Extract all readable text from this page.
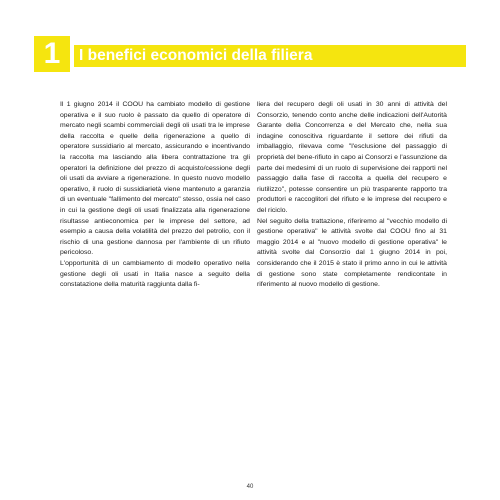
1	I benefici economici della filiera

Il 1 giugno 2014 il COOU ha cambiato modello di gestione operativa e il suo ruolo è passato da quello di operatore di mercato negli scambi commerciali degli oli usati tra le imprese della raccolta e quelle della rigenerazione a quello di operatore sussidiario al mercato, assicurando e incentivando la raccolta ma lasciando alla libera contrattazione tra gli operatori la definizione del prezzo di acquisto/cessione degli oli usati da avviare a rigenerazione. In questo nuovo modello operativo, il ruolo di sussidiarietà viene mantenuto a garanzia di un eventuale "fallimento del mercato" stesso, ossia nel caso in cui la gestione degli oli usati finalizzata alla rigenerazione risultasse antieconomica per le imprese del settore, ad esempio a causa della volatilità del prezzo del petrolio, con il rischio di una gestione dannosa per l'ambiente di un rifiuto pericoloso.

L'opportunità di un cambiamento di modello operativo nella gestione degli oli usati in Italia nasce a seguito della constatazione della maturità raggiunta dalla fi-

liera del recupero degli oli usati in 30 anni di attività del Consorzio, tenendo conto anche delle indicazioni dell'Autorità Garante della Concorrenza e del Mercato che, nella sua indagine conoscitiva riguardante il settore dei rifiuti da imballaggio, rilevava come "l'esclusione del passaggio di proprietà del bene-rifiuto in capo ai Consorzi e l'assunzione da parte dei medesimi di un ruolo di supervisione dei rapporti nel passaggio dalla fase di raccolta a quella del recupero e riutilizzo", potesse consentire un più trasparente rapporto tra produttori e raccoglitori del rifiuto e le imprese del recupero e del riciclo.

Nel seguito della trattazione, riferiremo al "vecchio modello di gestione operativa" le attività svolte dal COOU fino al 31 maggio 2014 e al "nuovo modello di gestione operativa" le attività svolte dal Consorzio dal 1 giugno 2014 in poi, considerando che il 2015 è stato il primo anno in cui le attività di gestione sono state completamente rendicontate in riferimento al nuovo modello di gestione.

40
